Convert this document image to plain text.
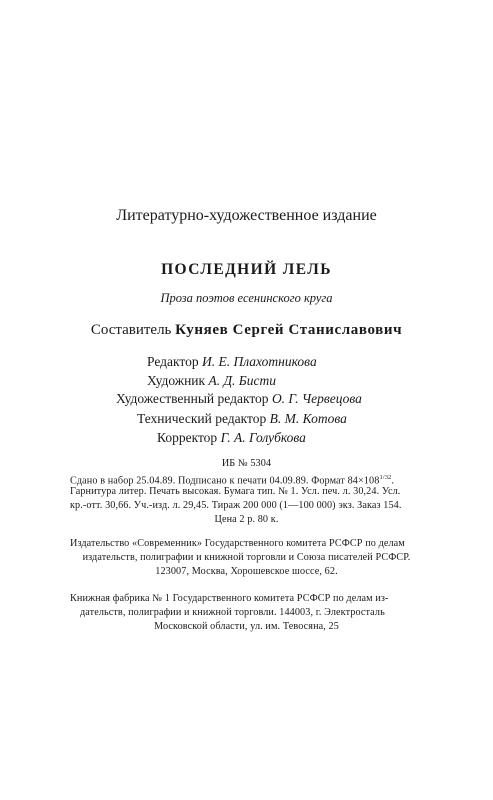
Литературно-художественное издание
ПОСЛЕДНИЙ ЛЕЛЬ
Проза поэтов есенинского круга
Составитель Куняев Сергей Станиславович
Редактор И. Е. Плахотникова
Художник А. Д. Бисти
Художественный редактор О. Г. Червецова
Технический редактор В. М. Котова
Корректор Г. А. Голубкова
ИБ № 5304
Сдано в набор 25.04.89. Подписано к печати 04.09.89. Формат $84\times 108^{1/32}$.
Гарнитура литер. Печать высокая. Бумага тип. № 1. Усл. печ. л. 30,24. Усл.
кр.-отт. 30,66. Уч.-изд. л. 29,45. Тираж 200 000 (1—100 000) экз. Заказ 154.
Цена 2 р. 80 к.
Издательство «Современник» Государственного комитета РСФСР по делам
издательств, полиграфии и книжной торговли и Союза писателей РСФСР.
123007, Москва, Хорошевское шоссе, 62.
Книжная фабрика № 1 Государственного комитета РСФСР по делам из-
дательств, полиграфии и книжной торговли. 144003, г. Электросталь
Московской области, ул. им. Тевосяна, 25
